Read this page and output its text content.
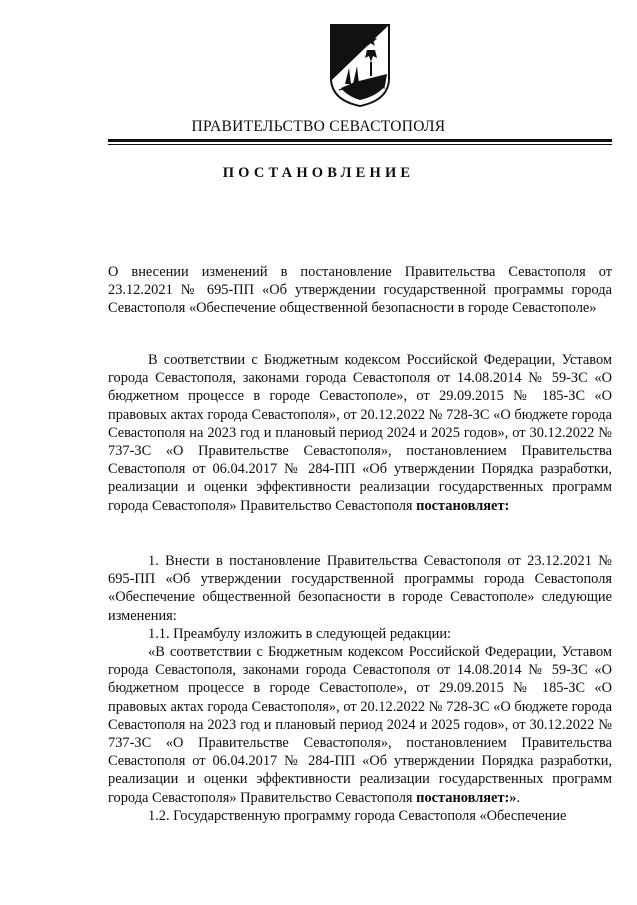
ПРАВИТЕЛЬСТВО СЕВАСТОПОЛЯ
ПОСТАНОВЛЕНИЕ

О внесении изменений в постановление Правительства Севастополя от 23.12.2021 № 695-ПП «Об утверждении государственной программы города Севастополя «Обеспечение общественной безопасности в городе Севастополе»

В соответствии с Бюджетным кодексом Российской Федерации, Уставом города Севастополя, законами города Севастополя от 14.08.2014 № 59-ЗС «О бюджетном процессе в городе Севастополе», от 29.09.2015 № 185-ЗС «О правовых актах города Севастополя», от 20.12.2022 № 728-ЗС «О бюджете города Севастополя на 2023 год и плановый период 2024 и 2025 годов», от 30.12.2022 № 737-ЗС «О Правительстве Севастополя», постановлением Правительства Севастополя от 06.04.2017 № 284-ПП «Об утверждении Порядка разработки, реализации и оценки эффективности реализации государственных программ города Севастополя» Правительство Севастополя постановляет:

1. Внести в постановление Правительства Севастополя от 23.12.2021 № 695-ПП «Об утверждении государственной программы города Севастополя «Обеспечение общественной безопасности в городе Севастополе» следующие изменения:

1.1. Преамбулу изложить в следующей редакции:

«В соответствии с Бюджетным кодексом Российской Федерации, Уставом города Севастополя, законами города Севастополя от 14.08.2014 № 59-ЗС «О бюджетном процессе в городе Севастополе», от 29.09.2015 № 185-ЗС «О правовых актах города Севастополя», от 20.12.2022 № 728-ЗС «О бюджете города Севастополя на 2023 год и плановый период 2024 и 2025 годов», от 30.12.2022 № 737-ЗС «О Правительстве Севастополя», постановлением Правительства Севастополя от 06.04.2017 № 284-ПП «Об утверждении Порядка разработки, реализации и оценки эффективности реализации государственных программ города Севастополя» Правительство Севастополя постановляет:».

1.2. Государственную программу города Севастополя «Обеспечение
